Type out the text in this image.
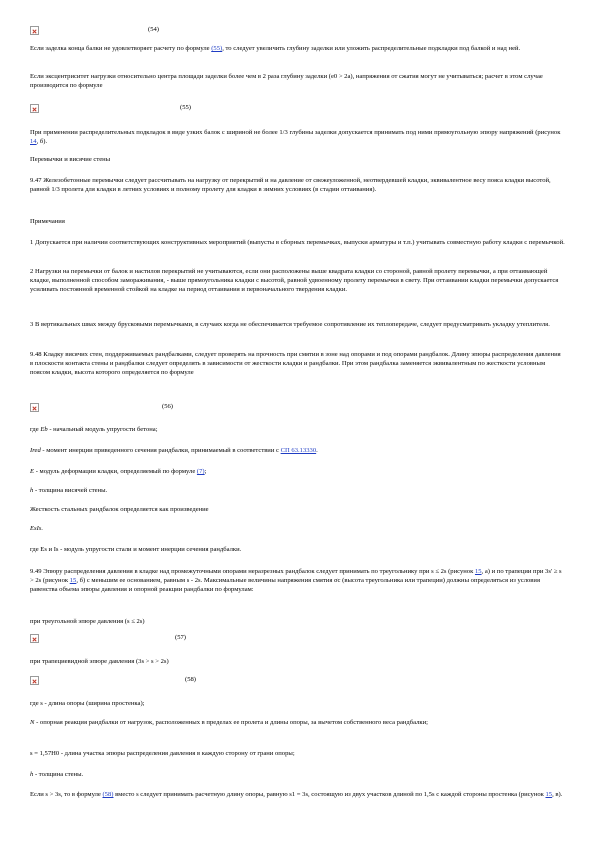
(54)

Если заделка конца балки не удовлетворяет расчету по формуле (55), то следует увеличить глубину заделки или уложить распределительные подкладки под балкой и над ней.

Если эксцентриситет нагрузки относительно центра площади заделки более чем в 2 раза глубину заделки (e0 > 2a), напряжения от сжатия могут не учитываться; расчет в этом случае производится по формуле

(55)

При применении распределительных подкладок в виде узких балок с шириной не более 1/3 глубины заделки допускается принимать под ними прямоугольную эпюру напряжений (рисунок 14, б).

Перемычки и висячие стены

9.47 Железобетонные перемычки следует рассчитывать на нагрузку от перекрытий и на давление от свежеуложенной, неотвердевшей кладки, эквивалентное весу пояса кладки высотой, равной 1/3 пролета для кладки в летних условиях и полному пролету для кладки в зимних условиях (в стадии оттаивания).

Примечания

1 Допускается при наличии соответствующих конструктивных мероприятий (выпусты в сборных перемычках, выпуски арматуры и т.п.) учитывать совместную работу кладки с перемычкой.

2 Нагрузки на перемычки от балок и настилов перекрытий не учитываются, если они расположены выше квадрата кладки со стороной, равной пролету перемычки, а при оттаивающей кладке, выполненной способом замораживания, - выше прямоугольника кладки с высотой, равной удвоенному пролету перемычки в свету. При оттаивании кладки перемычки допускается усиливать постоянной временной стойкой на кладке на период оттаивания и первоначального твердения кладки.

3 В вертикальных швах между брусковыми перемычками, в случаях когда не обеспечивается требуемое сопротивление их теплопередаче, следует предусматривать укладку утеплителя.

9.48 Кладку висячих стен, поддерживаемых рандбалками, следует проверять на прочность при смятии в зоне над опорами и под опорами рандбалок. Длину эпюры распределения давления в плоскости контакта стены и рандбалки следует определять в зависимости от жесткости кладки и рандбалки. При этом рандбалка заменяется эквивалентным по жесткости условным поясом кладки, высота которого определяется по формуле

(56)

где Eb - начальный модуль упругости бетона;

Ired - момент инерции приведенного сечения рандбалки, принимаемый в соответствии с СП 63.13330.

E - модуль деформации кладки, определяемый по формуле (7);

h - толщина висячей стены.

Жесткость стальных рандбалок определяется как произведение

EsIs.

где Es и Is - модуль упругости стали и момент инерции сечения рандбалки.

9.49 Эпюру распределения давления в кладке над промежуточными опорами неразрезных рандбалок следует принимать по треугольнику при s ≤ 2s (рисунок 15, а) и по трапеции при 3s' ≥ s > 2s (рисунок 15, б) с меньшим ее основанием, равным s - 2s. Максимальные величины напряжения смятия σс (высота треугольника или трапеции) должны определяться из условия равенства объема эпюры давления и опорной реакции рандбалки по формулам:

при треугольной эпюре давления (s ≤ 2s)

(57)

при трапециевидной эпюре давления (3s > s > 2s)

(58)

где s - длина опоры (ширина простенка);

N - опорная реакция рандбалки от нагрузок, расположенных в пределах ее пролета и длины опоры, за вычетом собственного веса рандбалки;

s = 1,57H0 - длина участка эпюры распределения давления в каждую сторону от грани опоры;

h - толщина стены.

Если s > 3s, то в формуле (58) вместо s следует принимать расчетную длину опоры, равную s1 = 3s, состоящую из двух участков длиной по 1,5s с каждой стороны простенка (рисунок 15, в).
